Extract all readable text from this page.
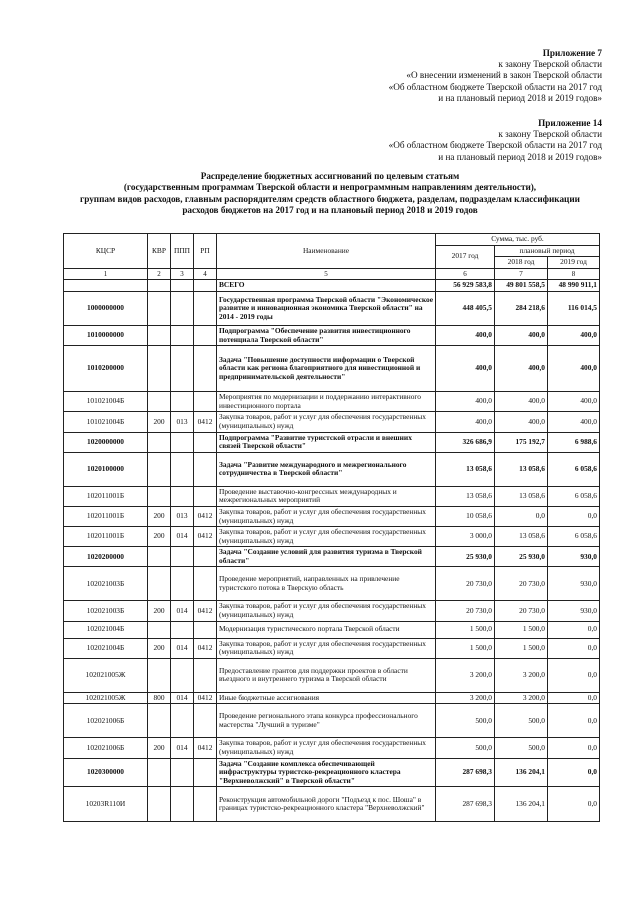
Приложение 7
к закону Тверской области
«О внесении изменений в закон Тверской области
«Об областном бюджете Тверской области на 2017 год
и на плановый период 2018 и 2019 годов»
Приложение 14
к закону Тверской области
«Об областном бюджете Тверской области на 2017 год
и на плановый период 2018 и 2019 годов»
Распределение бюджетных ассигнований по целевым статьям
(государственным программам Тверской области и непрограммным направлениям деятельности),
группам видов расходов, главным распорядителям средств областного бюджета, разделам, подразделам классификации
расходов бюджетов на 2017 год и на плановый период 2018 и 2019 годов
КЦСР	КВР	ППП	РП	Наименование	Сумма, тыс. руб.		
					2017 год	плановый период	
						2018 год	2019 год
1	2	3	4	5	6	7	8
				ВСЕГО	56 929 583,8	49 801 558,5	48 990 911,1
1000000000				Государственная программа Тверской области "Экономическое развитие и инновационная экономика Тверской области" на 2014 - 2019 годы	448 405,5	284 218,6	116 014,5
1010000000				Подпрограмма "Обеспечение развития инвестиционного потенциала Тверской области"	400,0	400,0	400,0
1010200000				Задача "Повышение доступности информации о Тверской области как региона благоприятного для инвестиционной и предпринимательской деятельности"	400,0	400,0	400,0
101021004Б				Мероприятия по модернизации и поддержанию интерактивного инвестиционного портала	400,0	400,0	400,0
101021004Б	200	013	0412	Закупка товаров, работ и услуг для обеспечения государственных (муниципальных) нужд	400,0	400,0	400,0
1020000000				Подпрограмма "Развитие туристской отрасли и внешних связей Тверской области"	326 686,9	175 192,7	6 988,6
1020100000				Задача "Развитие международного и межрегионального сотрудничества в Тверской области"	13 058,6	13 058,6	6 058,6
102011001Б				Проведение выставочно-конгрессных международных и межрегиональных мероприятий	13 058,6	13 058,6	6 058,6
102011001Б	200	013	0412	Закупка товаров, работ и услуг для обеспечения государственных (муниципальных) нужд	10 058,6	0,0	0,0
102011001Б	200	014	0412	Закупка товаров, работ и услуг для обеспечения государственных (муниципальных) нужд	3 000,0	13 058,6	6 058,6
1020200000				Задача "Создание условий для развития туризма в Тверской области"	25 930,0	25 930,0	930,0
102021003Б				Проведение мероприятий, направленных на привлечение туристского потока в Тверскую область	20 730,0	20 730,0	930,0
102021003Б	200	014	0412	Закупка товаров, работ и услуг для обеспечения государственных (муниципальных) нужд	20 730,0	20 730,0	930,0
102021004Б				Модернизация туристического портала Тверской области	1 500,0	1 500,0	0,0
102021004Б	200	014	0412	Закупка товаров, работ и услуг для обеспечения государственных (муниципальных) нужд	1 500,0	1 500,0	0,0
102021005Ж				Предоставление грантов для поддержки проектов в области въездного и внутреннего туризма в Тверской области	3 200,0	3 200,0	0,0
102021005Ж	800	014	0412	Иные бюджетные ассигнования	3 200,0	3 200,0	0,0
102021006Б				Проведение регионального этапа конкурса профессионального мастерства "Лучший в туризме"	500,0	500,0	0,0
102021006Б	200	014	0412	Закупка товаров, работ и услуг для обеспечения государственных (муниципальных) нужд	500,0	500,0	0,0
1020300000				Задача "Создание комплекса обеспечивающей инфраструктуры туристско-рекреационного кластера "Верхневолжский" в Тверской области"	287 698,3	136 204,1	0,0
10203R110И				Реконструкция автомобильной дороги "Подъезд к пос. Шоша" в границах туристско-рекреационного кластера "Верхневолжский"	287 698,3	136 204,1	0,0
